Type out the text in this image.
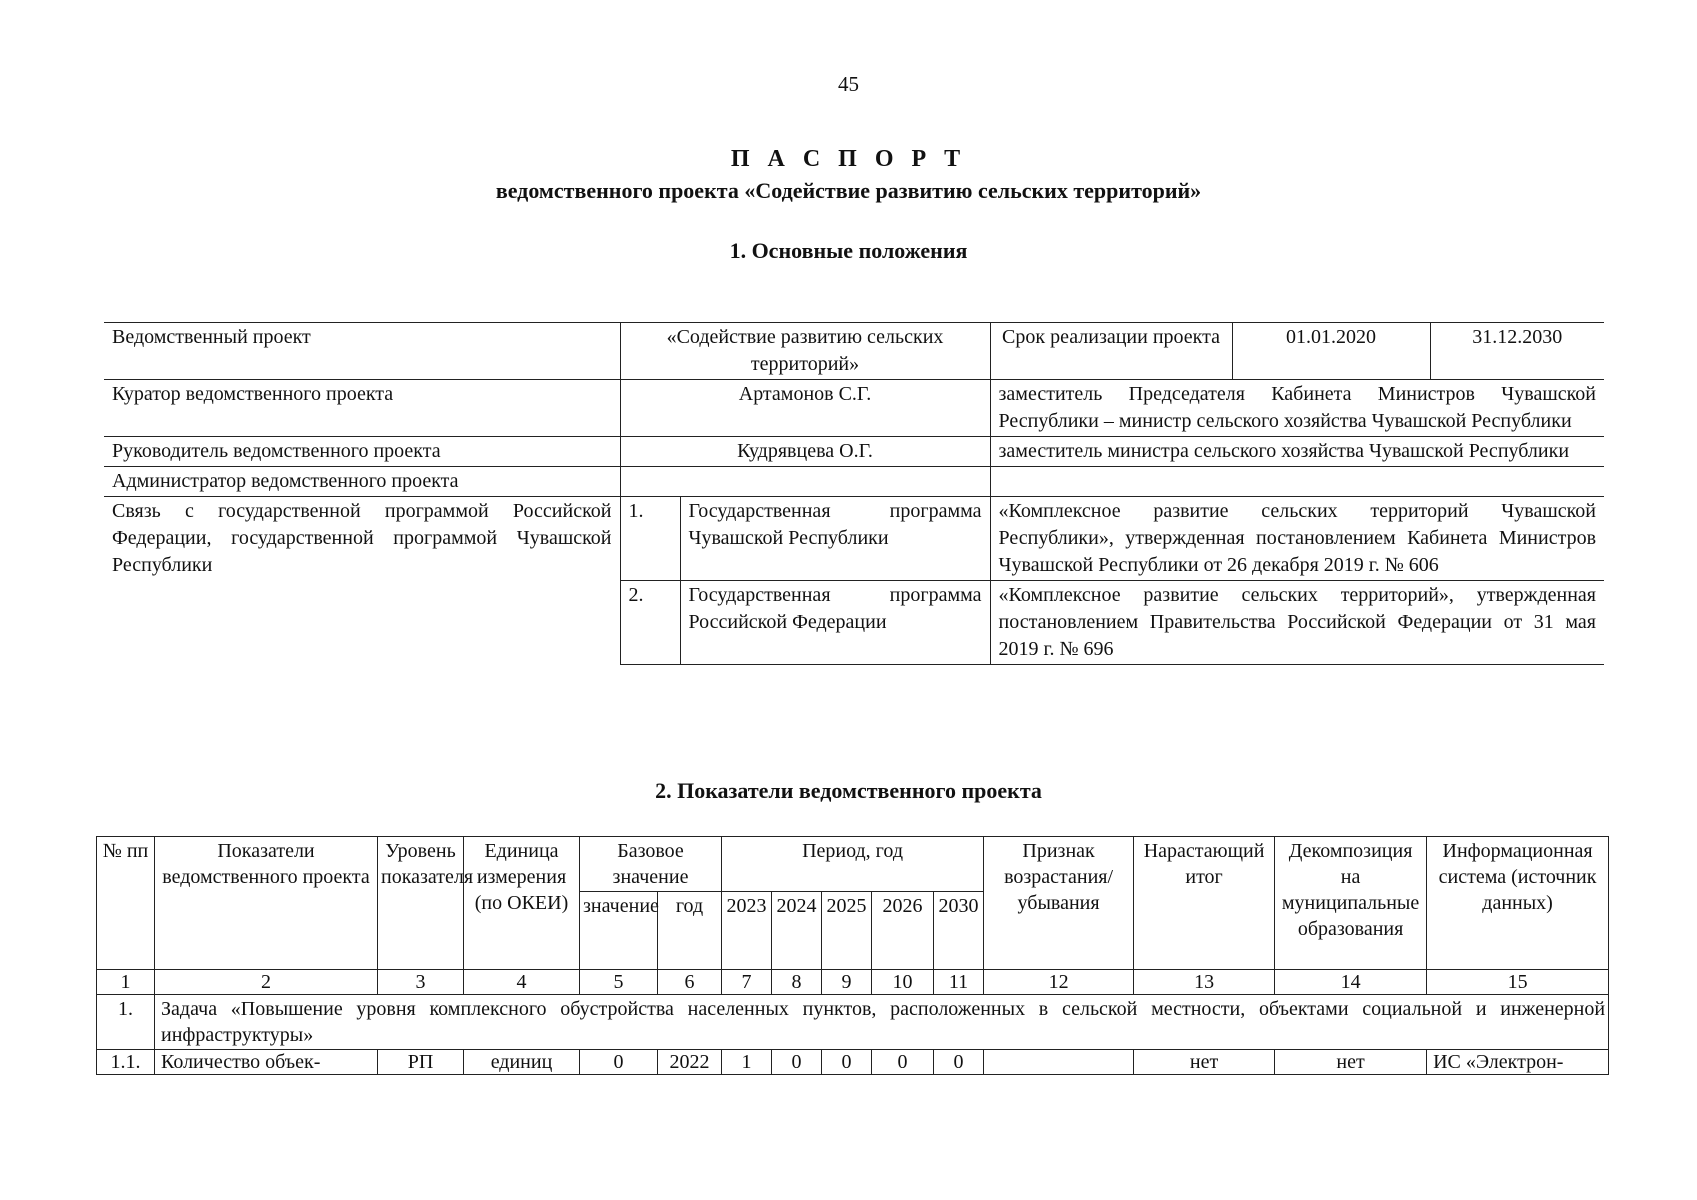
45
П А С П О Р Т
ведомственного проекта «Содействие развитию сельских территорий»
1. Основные положения
Ведомственный проект	«Содействие развитию сельских территорий»		Срок реализации проекта	01.01.2020	31.12.2030
Куратор ведомственного проекта	Артамонов С.Г.		заместитель Председателя Кабинета Министров Чувашской Республики – министр сельского хозяйства Чувашской Республики		
Руководитель ведомственного проекта	Кудрявцева О.Г.		заместитель министра сельского хозяйства Чувашской Республики		
Администратор ведомственного проекта					
Связь с государственной программой Российской Федерации, государственной программой Чувашской Республики	1.	Государственная программа Чувашской Республики	«Комплексное развитие сельских территорий Чувашской Республики», утвержденная постановлением Кабинета Министров Чувашской Республики от 26 декабря 2019 г. № 606		
	2.	Государственная программа Российской Федерации	«Комплексное развитие сельских территорий», утвержденная постановлением Правительства Российской Федерации от 31 мая 2019 г. № 696		
2. Показатели ведомственного проекта
№ пп	Показатели ведомственного проекта	Уровень показателя	Единица измерения (по ОКЕИ)	Базовое значение		Период, год					Признак возрастания/ убывания	Нарастающий итог	Декомпозиция на муниципальные образования	Информационная система (источник данных)
				значение	год	2023	2024	2025	2026	2030				
1	2	3	4	5	6	7	8	9	10	11	12	13	14	15
1.	Задача «Повышение уровня комплексного обустройства населенных пунктов, расположенных в сельской местности, объектами социальной и инженерной инфраструктуры»													
1.1.	Количество объек-	РП	единиц	0	2022	1	0	0	0	0		нет	нет	ИС «Электрон-
